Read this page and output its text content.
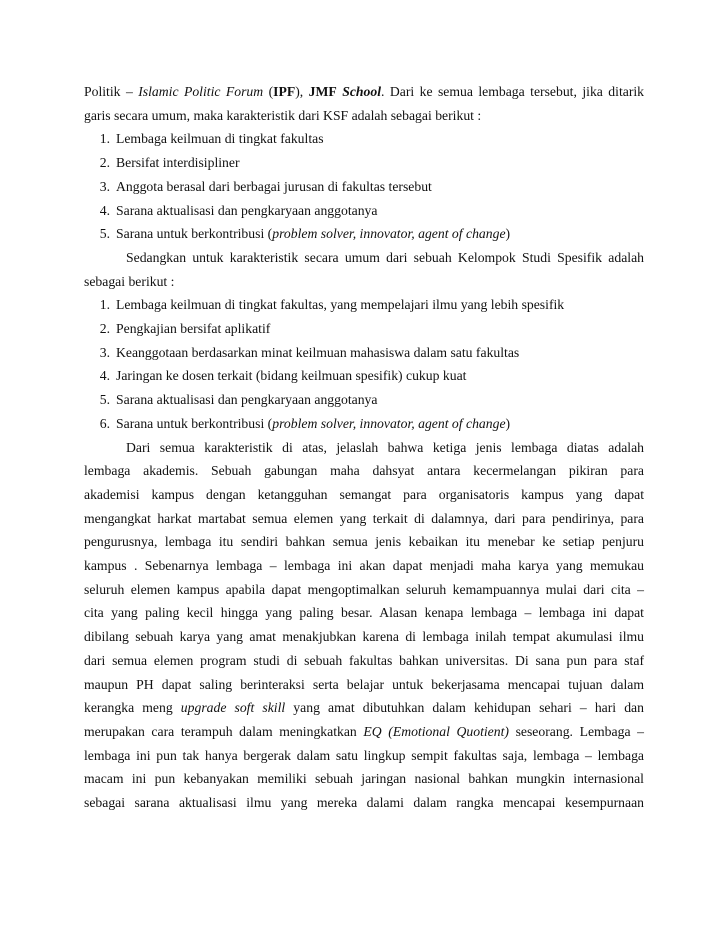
Politik – Islamic Politic Forum (IPF), JMF School. Dari ke semua lembaga tersebut, jika ditarik

garis secara umum, maka karakteristik dari KSF adalah sebagai berikut :

1. Lembaga keilmuan di tingkat fakultas
2. Bersifat interdisipliner
3. Anggota berasal dari berbagai jurusan di fakultas tersebut
4. Sarana aktualisasi dan pengkaryaan anggotanya
5. Sarana untuk berkontribusi (problem solver, innovator, agent of change)

Sedangkan untuk karakteristik secara umum dari sebuah Kelompok Studi Spesifik adalah

sebagai berikut :

1. Lembaga keilmuan di tingkat fakultas, yang mempelajari ilmu yang lebih spesifik
2. Pengkajian bersifat aplikatif
3. Keanggotaan berdasarkan minat keilmuan mahasiswa dalam satu fakultas
4. Jaringan ke dosen terkait (bidang keilmuan spesifik) cukup kuat
5. Sarana aktualisasi dan pengkaryaan anggotanya
6. Sarana untuk berkontribusi (problem solver, innovator, agent of change)

Dari semua karakteristik di atas, jelaslah bahwa ketiga jenis lembaga diatas adalah

lembaga akademis. Sebuah gabungan maha dahsyat antara kecermelangan pikiran para

akademisi kampus dengan ketangguhan semangat para organisatoris kampus yang dapat

mengangkat harkat martabat semua elemen yang terkait di dalamnya, dari para pendirinya, para

pengurusnya, lembaga itu sendiri bahkan semua jenis kebaikan itu menebar ke setiap penjuru

kampus . Sebenarnya lembaga – lembaga ini akan dapat menjadi maha karya yang memukau

seluruh elemen kampus apabila dapat mengoptimalkan seluruh kemampuannya mulai dari cita –

cita yang paling kecil hingga yang paling besar. Alasan kenapa lembaga – lembaga ini dapat

dibilang sebuah karya yang amat menakjubkan karena di lembaga inilah tempat akumulasi ilmu

dari semua elemen program studi di sebuah fakultas bahkan universitas. Di sana pun para staf

maupun PH dapat saling berinteraksi serta belajar untuk bekerjasama mencapai tujuan dalam

kerangka meng upgrade soft skill yang amat dibutuhkan dalam kehidupan sehari – hari dan

merupakan cara terampuh dalam meningkatkan EQ (Emotional Quotient) seseorang. Lembaga –

lembaga ini pun tak hanya bergerak dalam satu lingkup sempit fakultas saja, lembaga – lembaga

macam ini pun kebanyakan memiliki sebuah jaringan nasional bahkan mungkin internasional

sebagai sarana aktualisasi ilmu yang mereka dalami dalam rangka mencapai kesempurnaan
